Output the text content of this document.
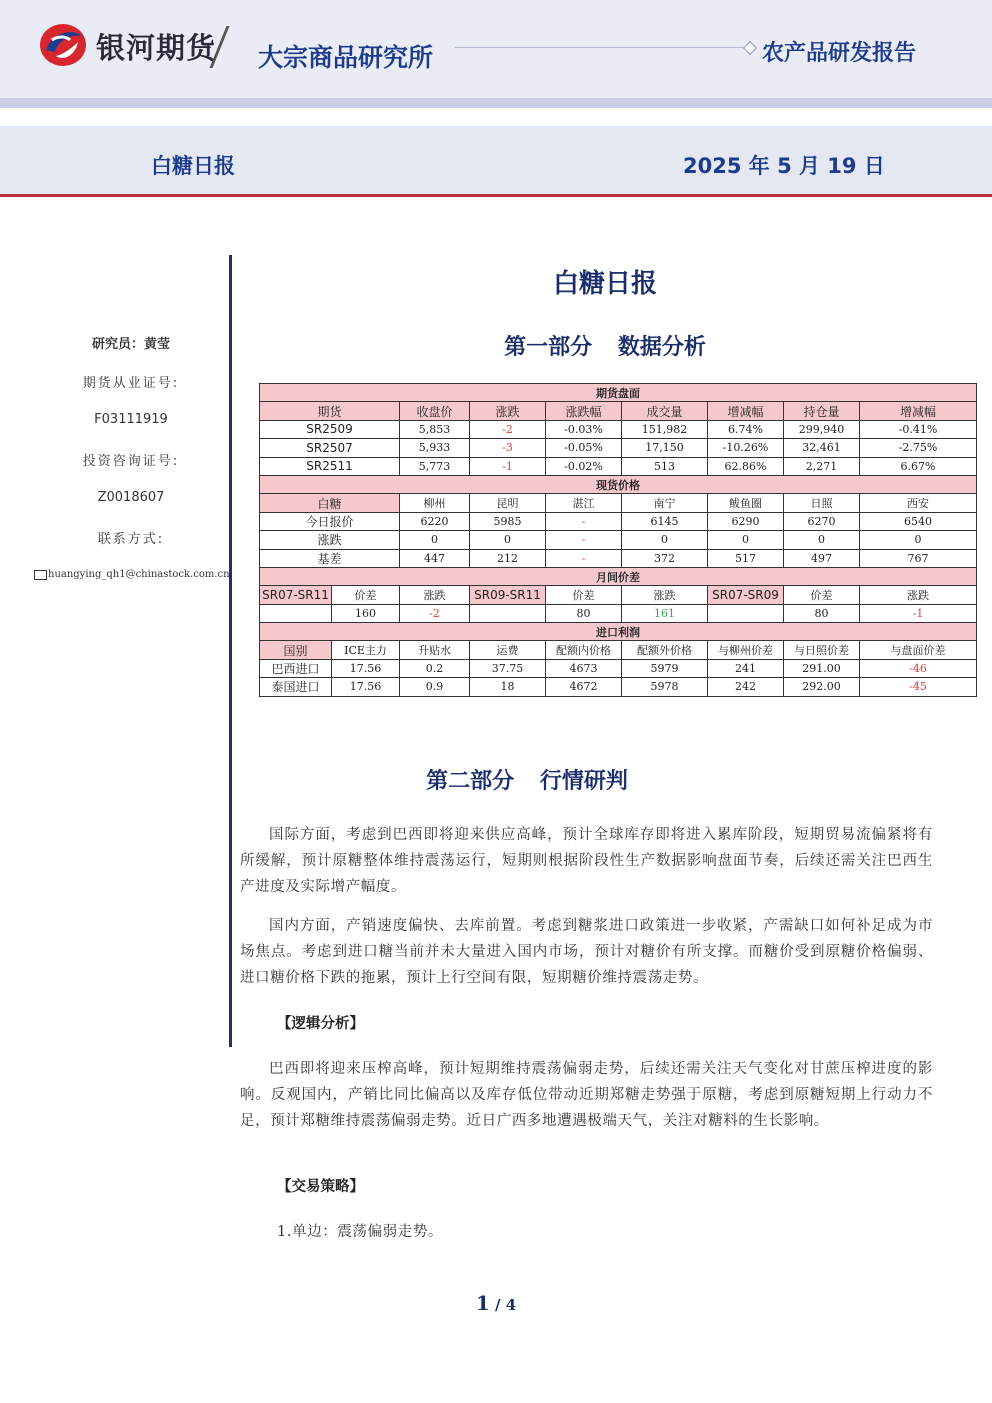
银河期货 大宗商品研究所	农产品研发报告
白糖日报	2025 年 5 月 19 日
研究员：黄莹
期货从业证号:
F03111919
投资咨询证号:
Z0018607
联系方式:
huangying_qh1@chinastock.com.cn
白糖日报
第一部分 数据分析
期货盘面								
期货		收盘价	涨跌	涨跌幅	成交量	增减幅	持仓量	增减幅
SR2509		5,853	-2	-0.03%	151,982	6.74%	299,940	-0.41%
SR2507		5,933	-3	-0.05%	17,150	-10.26%	32,461	-2.75%
SR2511		5,773	-1	-0.02%	513	62.86%	2,271	6.67%
现货价格								
白糖		柳州	昆明	湛江	南宁	鲅鱼圈	日照	西安
今日报价		6220	5985	-	6145	6290	6270	6540
涨跌		0	0	-	0	0	0	0
基差		447	212	-	372	517	497	767
月间价差								
SR07-SR11	价差	涨跌	SR09-SR11	价差	涨跌	SR07-SR09	价差	涨跌
	160	-2		80	161		80	-1
进口利润								
国别	ICE主力	升贴水	运费	配额内价格	配额外价格	与柳州价差	与日照价差	与盘面价差
巴西进口	17.56	0.2	37.75	4673	5979	241	291.00	-46
泰国进口	17.56	0.9	18	4672	5978	242	292.00	-45
第二部分 行情研判
国际方面，考虑到巴西即将迎来供应高峰，预计全球库存即将进入累库阶段，短期贸易流偏紧将有所缓解，预计原糖整体维持震荡运行，短期则根据阶段性生产数据影响盘面节奏，后续还需关注巴西生产进度及实际增产幅度。
国内方面，产销速度偏快、去库前置。考虑到糖浆进口政策进一步收紧，产需缺口如何补足成为市场焦点。考虑到进口糖当前并未大量进入国内市场，预计对糖价有所支撑。而糖价受到原糖价格偏弱、进口糖价格下跌的拖累，预计上行空间有限，短期糖价维持震荡走势。
【逻辑分析】
巴西即将迎来压榨高峰，预计短期维持震荡偏弱走势，后续还需关注天气变化对甘蔗压榨进度的影响。反观国内，产销比同比偏高以及库存低位带动近期郑糖走势强于原糖，考虑到原糖短期上行动力不足，预计郑糖维持震荡偏弱走势。近日广西多地遭遇极端天气，关注对糖料的生长影响。
【交易策略】
1.单边：震荡偏弱走势。
1 / 4
